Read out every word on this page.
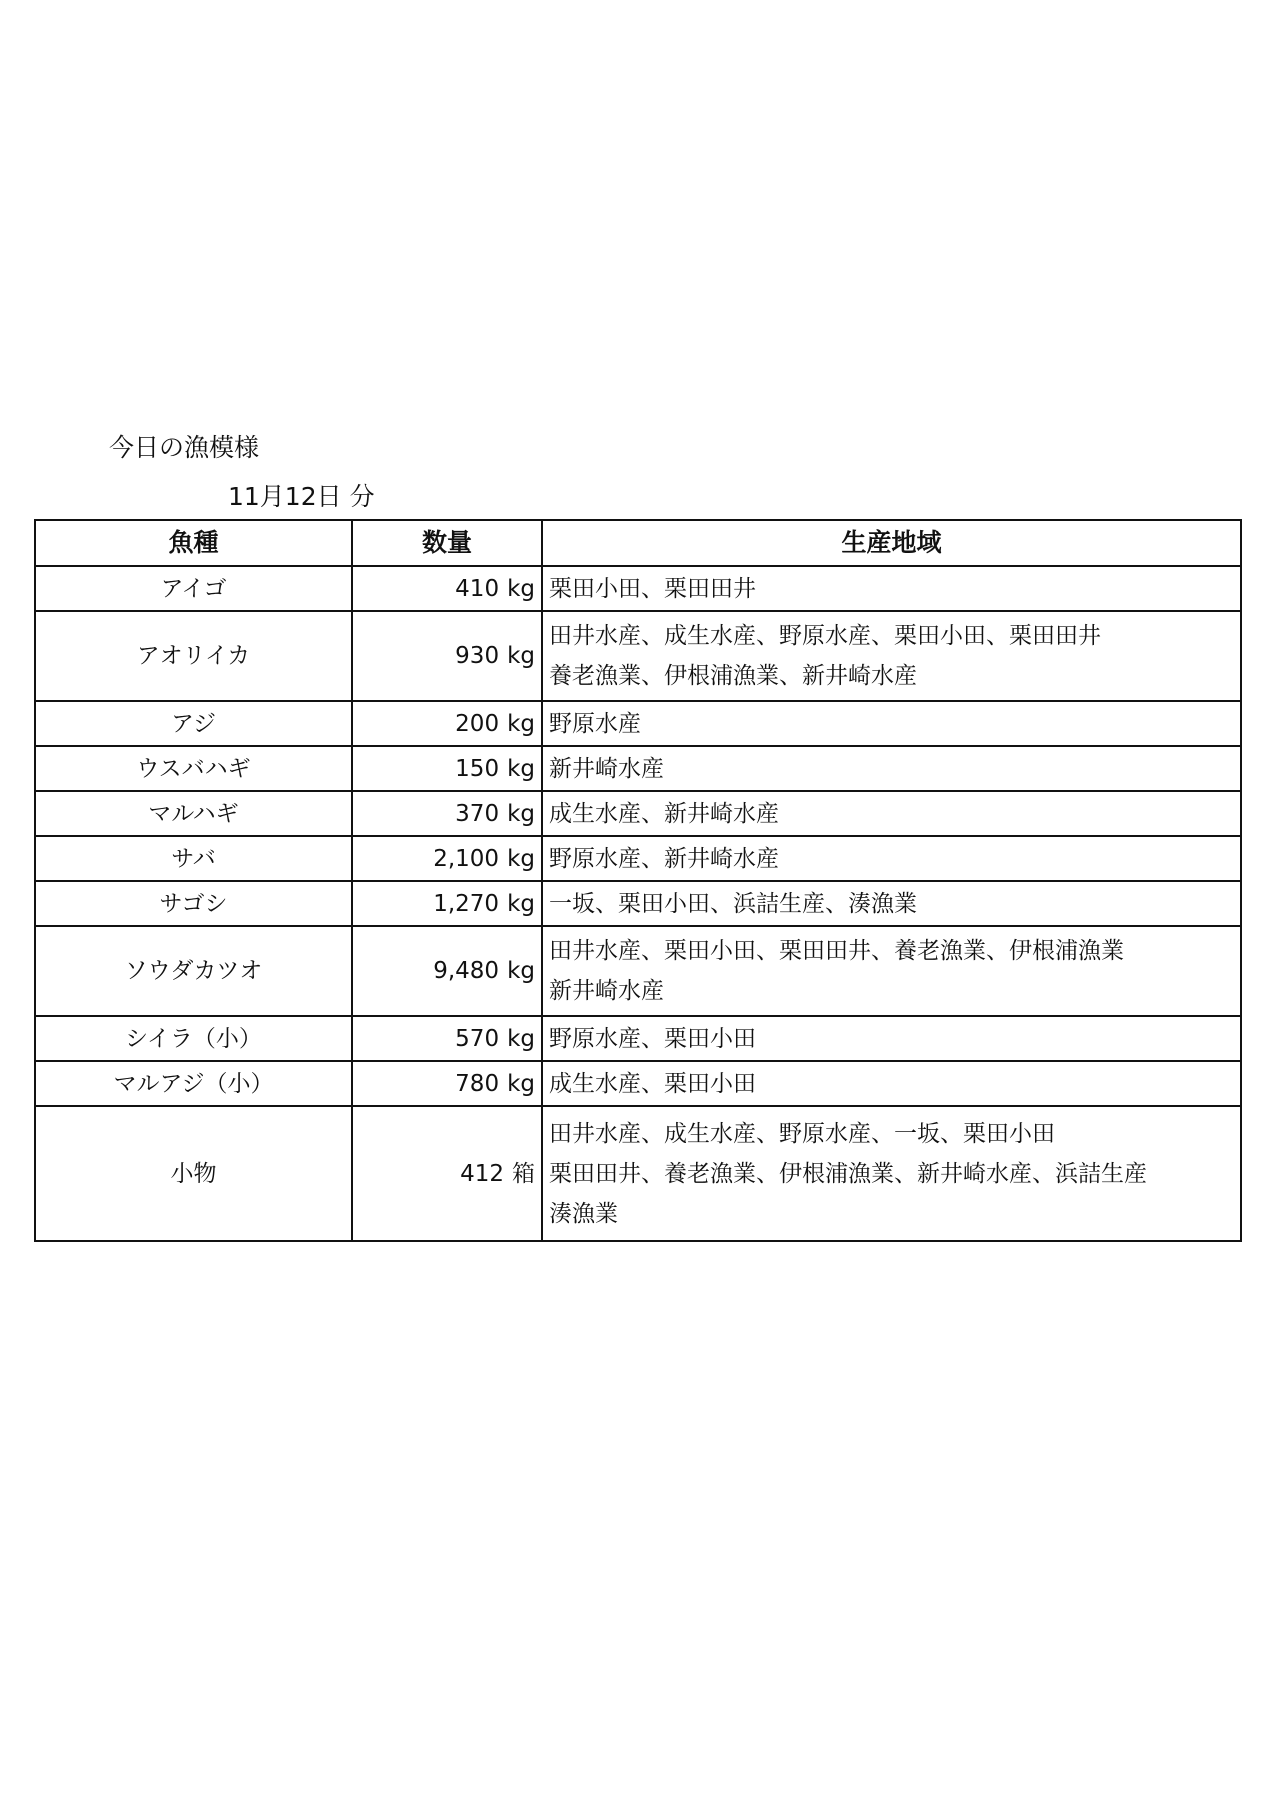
今日の漁模様
11月12日 分
魚種	数量	生産地域
アイゴ	410 kg	栗田小田、栗田田井

アオリイカ	930 kg	田井水産、成生水産、野原水産、栗田小田、栗田田井
養老漁業、伊根浦漁業、新井崎水産

アジ	200 kg	野原水産

ウスバハギ	150 kg	新井崎水産

マルハギ	370 kg	成生水産、新井崎水産

サバ	2,100 kg	野原水産、新井崎水産

サゴシ	1,270 kg	一坂、栗田小田、浜詰生産、湊漁業

ソウダカツオ	9,480 kg	田井水産、栗田小田、栗田田井、養老漁業、伊根浦漁業
新井崎水産

シイラ（小）	570 kg	野原水産、栗田小田

マルアジ（小）	780 kg	成生水産、栗田小田

小物	412 箱	田井水産、成生水産、野原水産、一坂、栗田小田
栗田田井、養老漁業、伊根浦漁業、新井崎水産、浜詰生産
湊漁業
